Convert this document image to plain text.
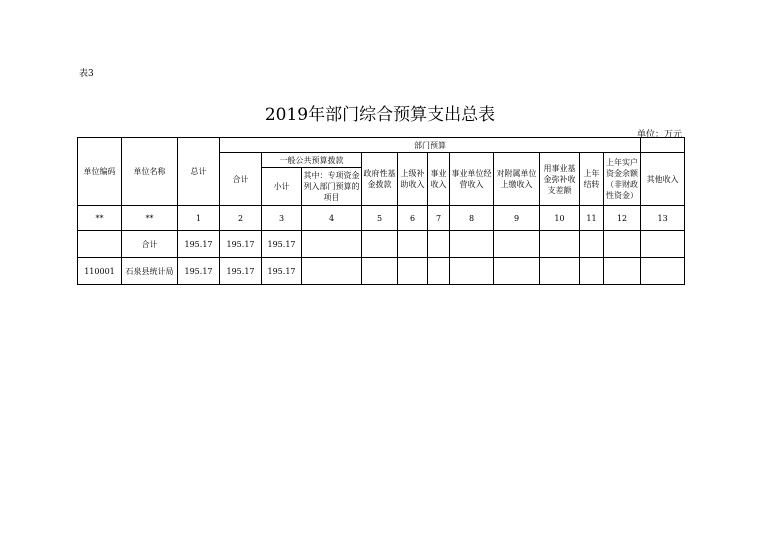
表3
2019年部门综合预算支出总表
单位：万元
单位编码	单位名称	总计	部门预算											
			合计	一般公共预算拨款		政府性基金拨款	上级补助收入	事业收入	事业单位经营收入	对附属单位上缴收入	用事业基金弥补收支差额	上年结转	上年实户资金余额（非财政性资金）	其他收入
				小计	其中：专项资金列入部门预算的项目									
**	**	1	2	3	4	5	6	7	8	9	10	11	12	13
	合计	195.17	195.17	195.17										
110001	石泉县统计局	195.17	195.17	195.17										
